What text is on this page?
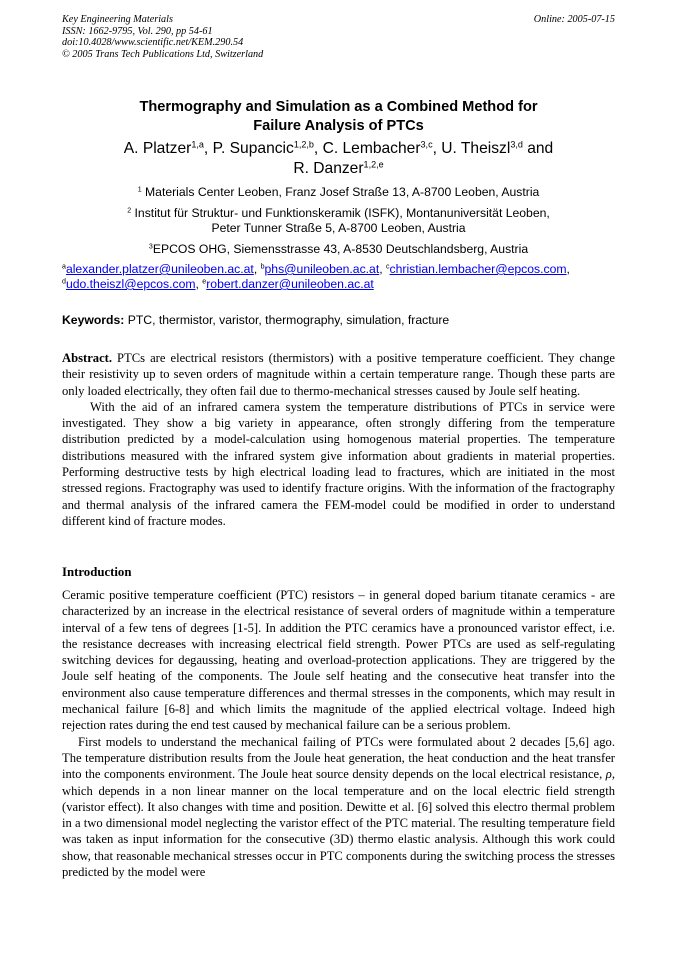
Key Engineering Materials
ISSN: 1662-9795, Vol. 290, pp 54-61
doi:10.4028/www.scientific.net/KEM.290.54
© 2005 Trans Tech Publications Ltd, Switzerland
Online: 2005-07-15
Thermography and Simulation as a Combined Method for
Failure Analysis of PTCs
A. Platzer$^{1,a}$, P. Supancic$^{1,2,b}$, C. Lembacher$^{3,c}$, U. Theiszl$^{3,d}$ and
R. Danzer$^{1,2,e}$
$^1$ Materials Center Leoben, Franz Josef Straße 13, A-8700 Leoben, Austria
$^2$ Institut für Struktur- und Funktionskeramik (ISFK), Montanuniversität Leoben,
Peter Tunner Straße 5, A-8700 Leoben, Austria
$^3$EPCOS OHG, Siemensstrasse 43, A-8530 Deutschlandsberg, Austria
$^a$alexander.platzer@unileoben.ac.at, $^b$phs@unileoben.ac.at, $^c$christian.lembacher@epcos.com,
$^d$udo.theiszl@epcos.com, $^e$robert.danzer@unileoben.ac.at
Keywords: PTC, thermistor, varistor, thermography, simulation, fracture

Abstract. PTCs are electrical resistors (thermistors) with a positive temperature coefficient. They change their resistivity up to seven orders of magnitude within a certain temperature range. Though these parts are only loaded electrically, they often fail due to thermo-mechanical stresses caused by Joule self heating.

With the aid of an infrared camera system the temperature distributions of PTCs in service were investigated. They show a big variety in appearance, often strongly differing from the temperature distribution predicted by a model-calculation using homogenous material properties. The temperature distributions measured with the infrared system give information about gradients in material properties. Performing destructive tests by high electrical loading lead to fractures, which are initiated in the most stressed regions. Fractography was used to identify fracture origins. With the information of the fractography and thermal analysis of the infrared camera the FEM-model could be modified in order to understand different kind of fracture modes.

Introduction

Ceramic positive temperature coefficient (PTC) resistors – in general doped barium titanate ceramics - are characterized by an increase in the electrical resistance of several orders of magnitude within a temperature interval of a few tens of degrees [1-5]. In addition the PTC ceramics have a pronounced varistor effect, i.e. the resistance decreases with increasing electrical field strength. Power PTCs are used as self-regulating switching devices for degaussing, heating and overload-protection applications. They are triggered by the Joule self heating of the components. The Joule self heating and the consecutive heat transfer into the environment also cause temperature differences and thermal stresses in the components, which may result in mechanical failure [6-8] and which limits the magnitude of the applied electrical voltage. Indeed high rejection rates during the end test caused by mechanical failure can be a serious problem.

First models to understand the mechanical failing of PTCs were formulated about 2 decades [5,6] ago. The temperature distribution results from the Joule heat generation, the heat conduction and the heat transfer into the components environment. The Joule heat source density depends on the local electrical resistance, ρ, which depends in a non linear manner on the local temperature and on the local electric field strength (varistor effect). It also changes with time and position. Dewitte et al. [6] solved this electro thermal problem in a two dimensional model neglecting the varistor effect of the PTC material. The resulting temperature field was taken as input information for the consecutive (3D) thermo elastic analysis. Although this work could show, that reasonable mechanical stresses occur in PTC components during the switching process the stresses predicted by the model were
